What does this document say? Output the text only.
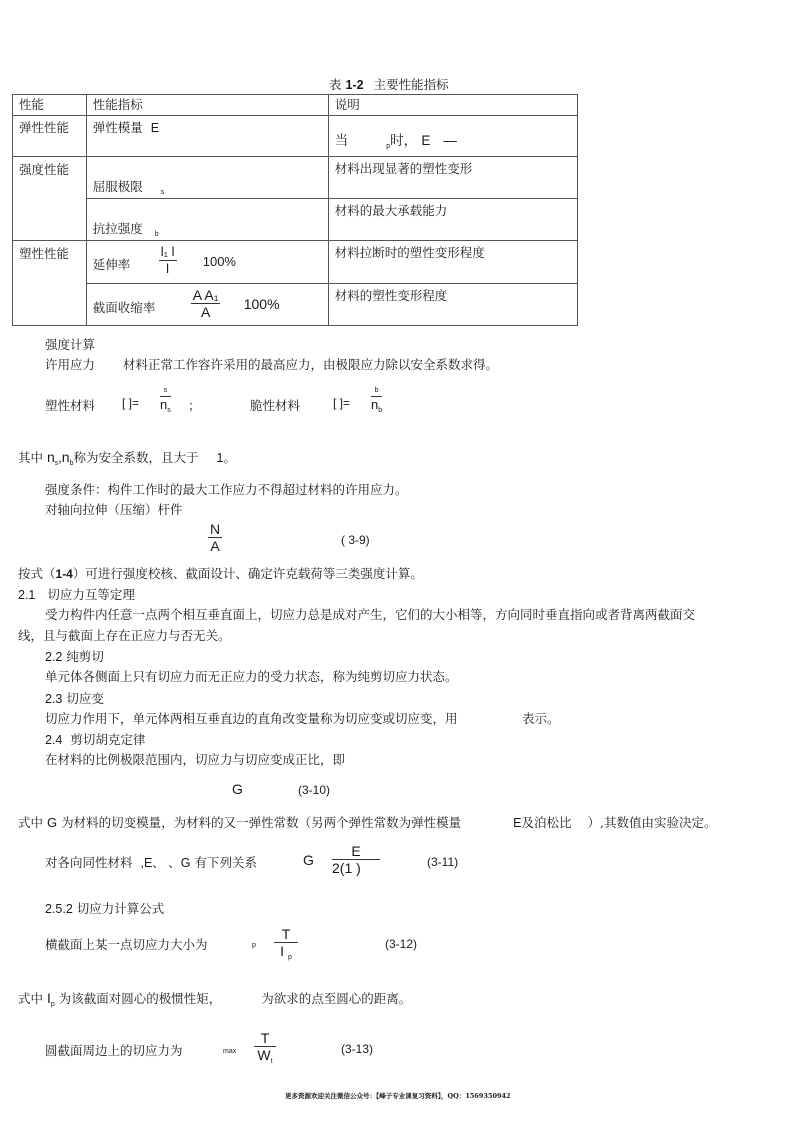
表 1-2 主要性能指标
性能	性能指标	说明

弹性性能	弹性模量 E	当 $_p$时， E —

强度性能	屈服极限 $_s$	材料出现显著的塑性变形

	抗拉强度 $_b$	材料的最大承载能力

塑性性能	延伸率 $\frac{\text{l₁ l}}{l} 100\%$	材料拉断时的塑性变形程度

	截面收缩率 $\frac{\text{A A₁}}{A} 100\%$	材料的塑性变形程度
强度计算
许用应力 材料正常工作容许采用的最高应力，由极限应力除以安全系数求得。
塑性材料 [ ]=
s
$n_s$ ；	脆性材料	[ ]=
b
$n_b$
其中 $n_s,n_b$称为安全系数，且大于 1。
强度条件：构件工作时的最大工作应力不得超过材料的许用应力。
对轴向拉伸（压缩）杆件
$\frac{N}{A}$	( 3-9)
按式（1-4）可进行强度校核、截面设计、确定许克载荷等三类强度计算。
2.1 切应力互等定理
受力构件内任意一点两个相互垂直面上，切应力总是成对产生，它们的大小相等，方向同时垂直指向或者背离两截面交
线，且与截面上存在正应力与否无关。
2.2 纯剪切
单元体各侧面上只有切应力而无正应力的受力状态，称为纯剪切应力状态。
2.3 切应变
切应力作用下，单元体两相互垂直边的直角改变量称为切应变或切应变，用	表示。
2.4 剪切胡克定律
在材料的比例极限范围内，切应力与切应变成正比，即
G	(3-10)
式中 G 为材料的切变模量，为材料的又一弹性常数（另两个弹性常数为弹性模量	E及泊松比 ）,其数值由实验决定。
对各向同性材料 ,E、 、G 有下列关系	G $\frac{E}{2(1 )}$	(3-11)
2.5.2 切应力计算公式
横截面上某一点切应力大小为	p $\frac{T}{I _p}$	(3-12)
式中 $I_p$ 为该截面对圆心的极惯性矩，	为欲求的点至圆心的距离。
圆截面周边上的切应力为	$\max \frac{T}{W_t}$	(3-13)
更多资源欢迎关注微信公众号：【峰子专业课复习资料】，QQ：1569350942
